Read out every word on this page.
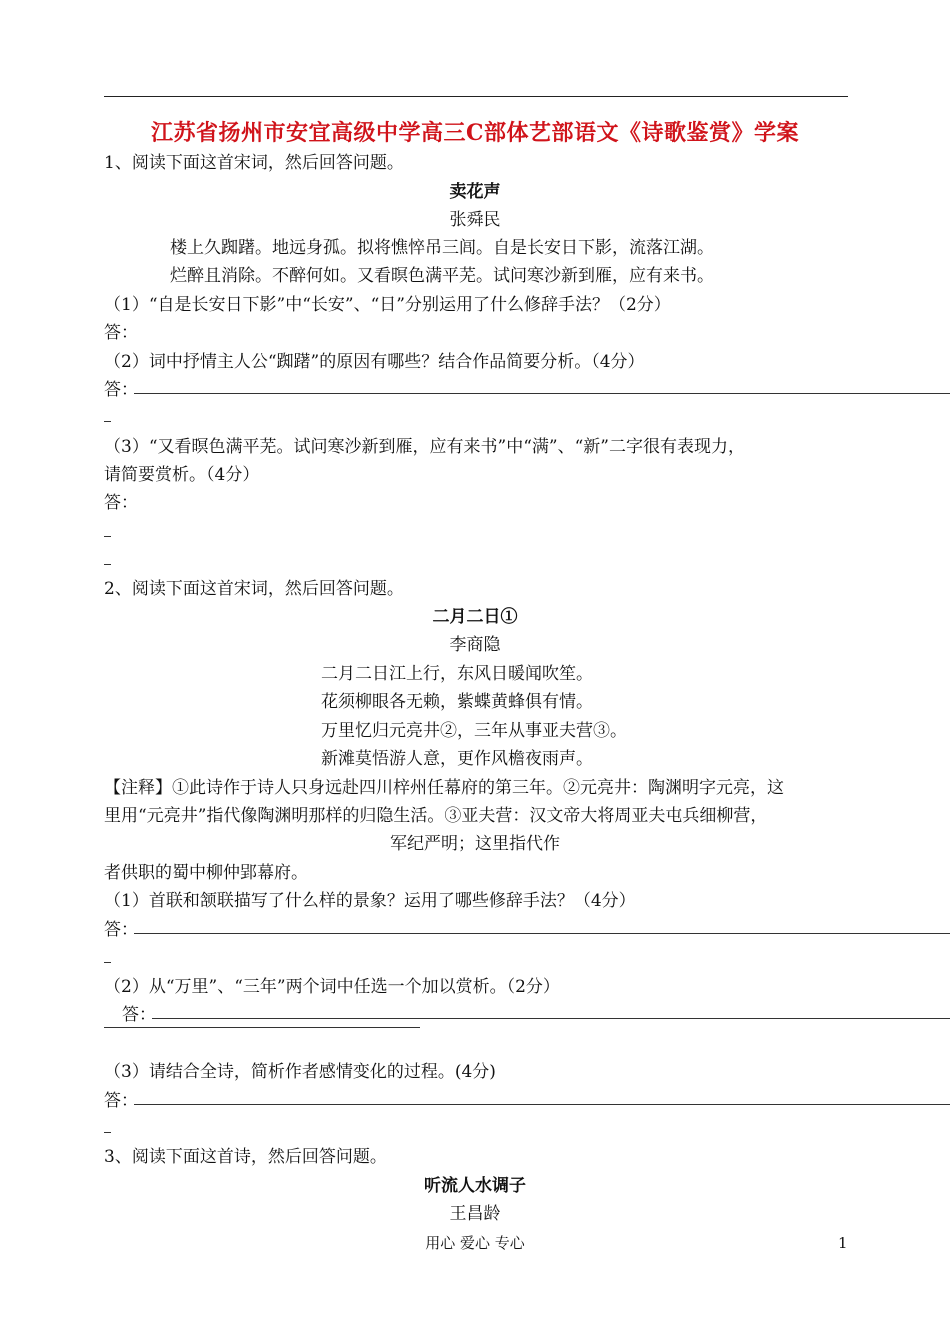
江苏省扬州市安宜高级中学高三C部体艺部语文《诗歌鉴赏》学案
1、阅读下面这首宋词，然后回答问题。
卖花声
张舜民
楼上久踟躇。地远身孤。拟将憔悴吊三闾。自是长安日下影，流落江湖。
烂醉且消除。不醉何如。又看暝色满平芜。试问寒沙新到雁，应有来书。
（1）“自是长安日下影”中“长安”、“日”分别运用了什么修辞手法？（2分）
答：
（2）词中抒情主人公“踟躇”的原因有哪些？结合作品简要分析。（4分）
答：
（3）“又看暝色满平芜。试问寒沙新到雁，应有来书”中“满”、“新”二字很有表现力，
请简要赏析。（4分）
答：
2、阅读下面这首宋词，然后回答问题。
二月二日①
李商隐
二月二日江上行，东风日暖闻吹笙。
花须柳眼各无赖，紫蝶黄蜂俱有情。
万里忆归元亮井②，三年从事亚夫营③。
新滩莫悟游人意，更作风檐夜雨声。
【注释】①此诗作于诗人只身远赴四川梓州任幕府的第三年。②元亮井：陶渊明字元亮，这
里用“元亮井”指代像陶渊明那样的归隐生活。③亚夫营：汉文帝大将周亚夫屯兵细柳营，
军纪严明；这里指代作
者供职的蜀中柳仲郢幕府。
（1）首联和颔联描写了什么样的景象？运用了哪些修辞手法？（4分）
答：
（2）从“万里”、“三年”两个词中任选一个加以赏析。（2分）
答：
（3）请结合全诗，简析作者感情变化的过程。(4分)
答：
3、阅读下面这首诗，然后回答问题。
听流人水调子
王昌龄
用心 爱心 专心	1
